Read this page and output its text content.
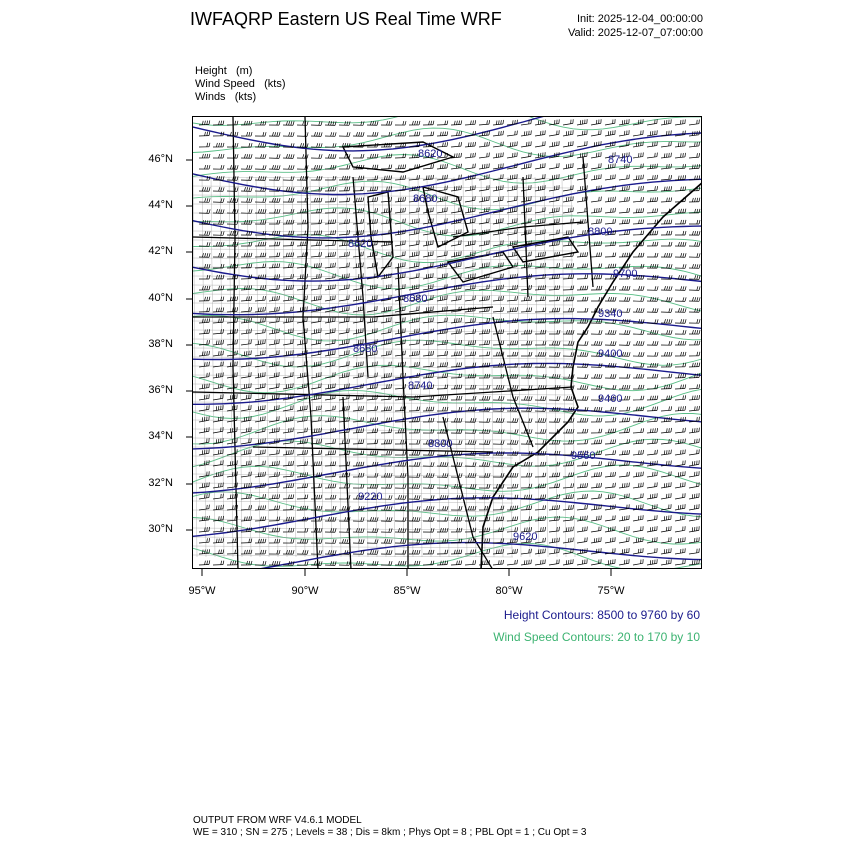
IWFAQRP Eastern US Real Time WRF	Init: 2025-12-04_00:00:00
Valid: 2025-12-07_07:00:00
Height (m)
Wind Speed (kts)
Winds (kts)
8740
8800
8620
8680
8620
8680
8680
8740
8800
9220
9340
9400
9460
9560
9620
9700
46°N
44°N
42°N
40°N
38°N
36°N
34°N
32°N
30°N
95°W	90°W	85°W	80°W	75°W
Height Contours: 8500 to 9760 by 60
Wind Speed Contours: 20 to 170 by 10
OUTPUT FROM WRF V4.6.1 MODEL
WE = 310 ; SN = 275 ; Levels = 38 ; Dis = 8km ; Phys Opt = 8 ; PBL Opt = 1 ; Cu Opt = 3
